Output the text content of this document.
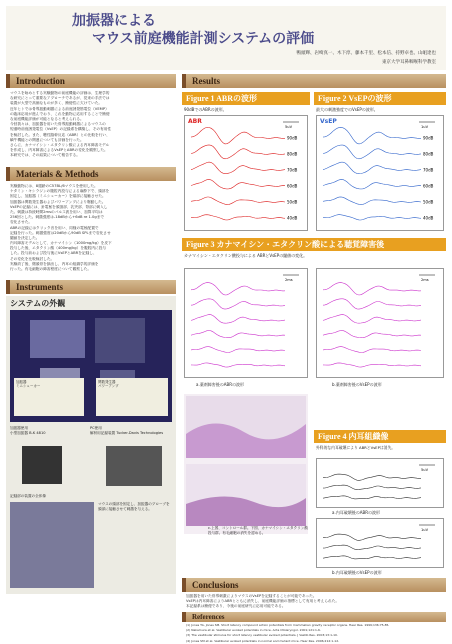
加振器による
マウス前庭機能計測システムの評価
鴨頭輝、岩崎真一、木下淳、藤本千里、松本信、持野卓也、山岨達也
東京大学耳鼻咽喉科学教室
Introduction
マウスを始めとする実験動物の前庭機能の評価は、生理学的
な研究にとって重要なアプローチであるが、従来の手法では
装置が大型で高価なものが多く、簡便性に欠けていた。
近年ヒトでは骨導振動刺激による前庭誘発筋電位（VEMP）
の臨床応用が進んでおり、これを動物に応用することで簡便
な前庭機能評価が可能となると考えられる。
今回我々は、加振器を用いた骨導振動刺激によるマウスの
短潜時前庭誘発電位（VsEP）の記録系を構築し、その有用性
を検討した。また、聴性脳幹反応（ABR）との比較を行い、
蝸牛機能との関連についても評価を行った。
さらに、カナマイシン・エタクリン酸による内耳障害モデル
を作成し、内耳障害によるVsEPとABRの変化を観察した。
本研究では、その結果について報告する。
Materials & Methods
実験動物には、8週齢のC57BL/6マウスを使用した。
ケタミン・キシラジンの腹腔内投与による麻酔下で、頭部を
固定し、加振器（ミニシェーカー）を頭部に接触させた。
加振器は関数発生器およびパワーアンプにより駆動した。
VsEPの記録には、針電極を頭頂部、乳突部、背部に刺入し
た。刺激は持続時間2msのパルス波を用い、加算平均は
256回とした。刺激強度は-18dBから+6dB re 1.0gまで
変化させた。
ABRの記録にはクリック音を用い、同様の電極配置で
記録を行った。刺激強度は20dBから90dB SPLまで変化させ
閾値を決定した。
内耳障害モデルとして、カナマイシン（1000mg/kg）を皮下
投与した後、エタクリン酸（400mg/kg）を腹腔内に投与
した。投与前および投与後にVsEPとABRを記録し、
その変化を比較検討した。
実験終了後、側頭骨を摘出し、内耳の組織学的評価を
行った。有毛細胞の障害程度について観察した。
Instruments
システムの外観
加振器
ミニシェーカー
関数発生器
パワーアンプ
加振器使用
小型加振器 B-K 4810
PC使用
解析用記録装置 Tucker-Davis Technologies
記録部の装置の全体像
マウスの頭部を固定し、加振器のプローブを頭部に接触させて刺激を与える。
Results
Figure 1 ABRの波形
90dBでのABRの波形。
90dB
80dB
70dB
60dB
50dB
40dB
5uV
ABR
Figure 2 VsEPの波形
最大の刺激強度でのVsEPの波形。
90dB
80dB
70dB
60dB
50dB
40dB
1uV
VsEP
Figure 3 カナマイシン・エタクリン酸による聴覚障害後
カナマイシン・エタクリン酸投与による ABRとVsEPの閾値の変化。
2ms	2ms
a.薬剤障害後のABRの波形	b.薬剤障害後のVsEPの波形
c.上図、コントロール群。下図、カナマイシン・エタクリン酸投与群。有毛細胞の消失を認める。
Figure 4 内耳組織像
外科的な内耳破壊により ABRとVsEPは消失。
5uV
a.内耳破壊後のABRの波形
1uV
b.内耳破壊後のVsEPの波形
Conclusions
加振器を用いた骨導刺激によりマウスのVsEPを記録することが可能であった。
VsEPは内耳障害によりABRとともに消失し、前庭機能評価の指標として有用と考えられた。
本記録系は簡便であり、今後の前庭研究に応用可能である。
References
(1) Jones TA, Jones SM. Short latency compound action potentials from mammalian gravity receptor organs. Hear Res. 1999;136:75-85.
(2) Nakamura et al. Vestibular evoked potentials in mice. Acta Otolaryngol. 2001;121:1-6.
(3) The vestibular stimulus for short latency vestibular evoked potentials. J Vestib Res. 2003;13:1-10.
(4) Jones SM et al. Vestibular evoked potentials in normal and mutant mice. Hear Res. 2006;212:1-12.
